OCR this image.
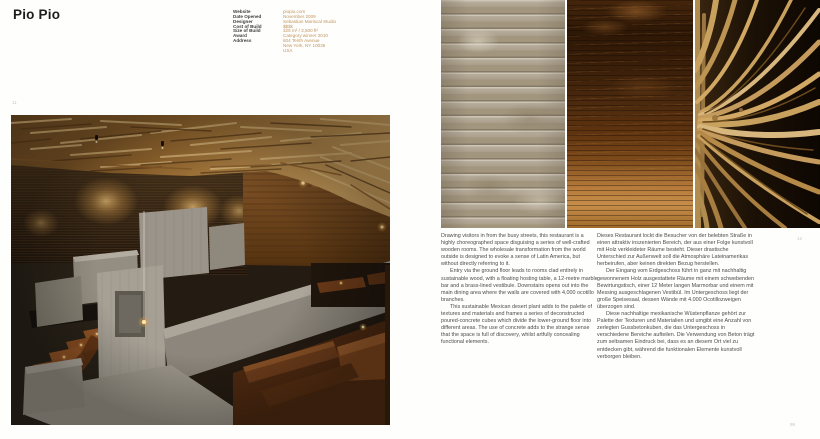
Pio Pio	Website	piopio.com
Date Opened	November 2009
Designer	Sebastian Mariscal Studio
Cost of Build	$$$k
Size of Build	325 m² / 3,500 ft²
Award	Category winner 2010
Address	604 Tenth Avenue
New York, NY 10036
USA
11
12

Drawing visitors in from the busy streets, this restaurant is a highly choreographed space disguising a series of well-crafted wooden rooms. The wholesale transformation from the world outside is designed to evoke a sense of Latin America, but without directly referring to it.

Entry via the ground floor leads to rooms clad entirely in sustainable wood, with a floating hosting table, a 12-metre marble bar and a brass-lined vestibule. Downstairs opens out into the main dining area where the walls are covered with 4,000 ocotillo branches.

This sustainable Mexican desert plant adds to the palette of textures and materials and frames a series of deconstructed poured-concrete cubes which divide the lower-ground floor into different areas. The use of concrete adds to the strange sense that the space is full of discovery, whilst artfully concealing functional elements.

Dieses Restaurant lockt die Besucher von der belebten Straße in einen attraktiv inszenierten Bereich, der aus einer Folge kunstvoll mit Holz verkleideter Räume besteht. Dieser drastische Unterschied zur Außenwelt soll die Atmosphäre Lateinamerikas herbeirufen, aber keinen direkten Bezug herstellen.

Der Eingang vom Erdgeschoss führt in ganz mit nachhaltig gewonnenem Holz ausgestattete Räume mit einem schwebenden Bewirtungstisch, einer 12 Meter langen Marmorbar und einem mit Messing ausgeschlagenen Vestibül. Im Untergeschoss liegt der große Speisesaal, dessen Wände mit 4.000 Ocotillozweigen überzogen sind.

Diese nachhaltige mexikanische Wüstenpflanze gehört zur Palette der Texturen und Materialien und umgibt eine Anzahl von zerlegten Gussbetonkuben, die das Untergeschoss in verschiedene Bereiche aufteilen. Die Verwendung von Beton trägt zum seltsamen Eindruck bei, dass es an diesem Ort viel zu entdecken gibt, während die funktionalen Elemente kunstvoll verborgen bleiben.

99
